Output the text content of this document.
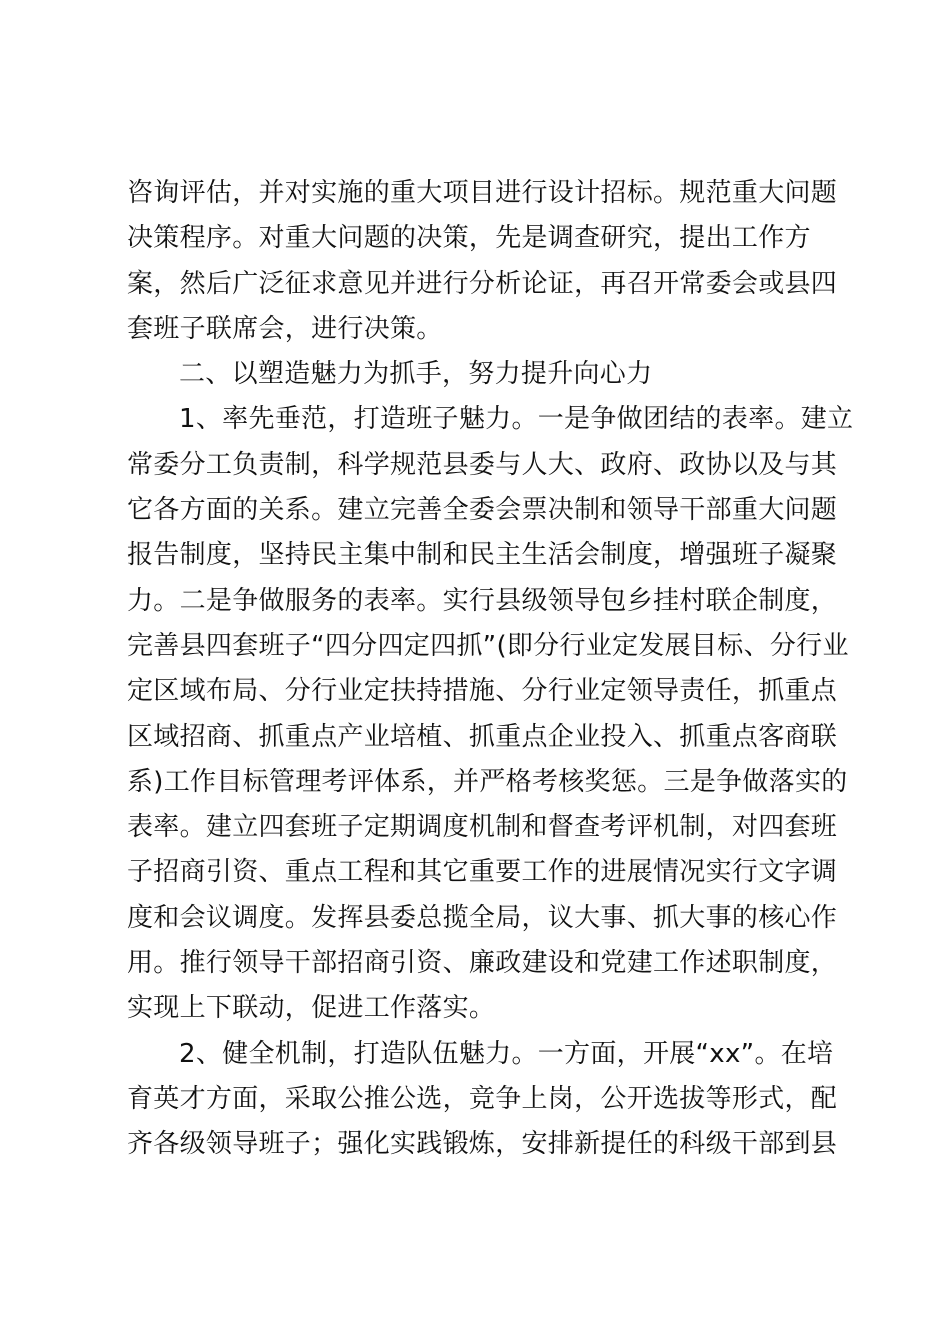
咨询评估，并对实施的重大项目进行设计招标。规范重大问题
决策程序。对重大问题的决策，先是调查研究，提出工作方
案，然后广泛征求意见并进行分析论证，再召开常委会或县四
套班子联席会，进行决策。
二、以塑造魅力为抓手，努力提升向心力
1、率先垂范，打造班子魅力。一是争做团结的表率。建立
常委分工负责制，科学规范县委与人大、政府、政协以及与其
它各方面的关系。建立完善全委会票决制和领导干部重大问题
报告制度，坚持民主集中制和民主生活会制度，增强班子凝聚
力。二是争做服务的表率。实行县级领导包乡挂村联企制度，
完善县四套班子“四分四定四抓”(即分行业定发展目标、分行业
定区域布局、分行业定扶持措施、分行业定领导责任，抓重点
区域招商、抓重点产业培植、抓重点企业投入、抓重点客商联
系)工作目标管理考评体系，并严格考核奖惩。三是争做落实的
表率。建立四套班子定期调度机制和督查考评机制，对四套班
子招商引资、重点工程和其它重要工作的进展情况实行文字调
度和会议调度。发挥县委总揽全局，议大事、抓大事的核心作
用。推行领导干部招商引资、廉政建设和党建工作述职制度，
实现上下联动，促进工作落实。
2、健全机制，打造队伍魅力。一方面，开展“xx”。在培
育英才方面，采取公推公选，竞争上岗，公开选拔等形式，配
齐各级领导班子；强化实践锻炼，安排新提任的科级干部到县
